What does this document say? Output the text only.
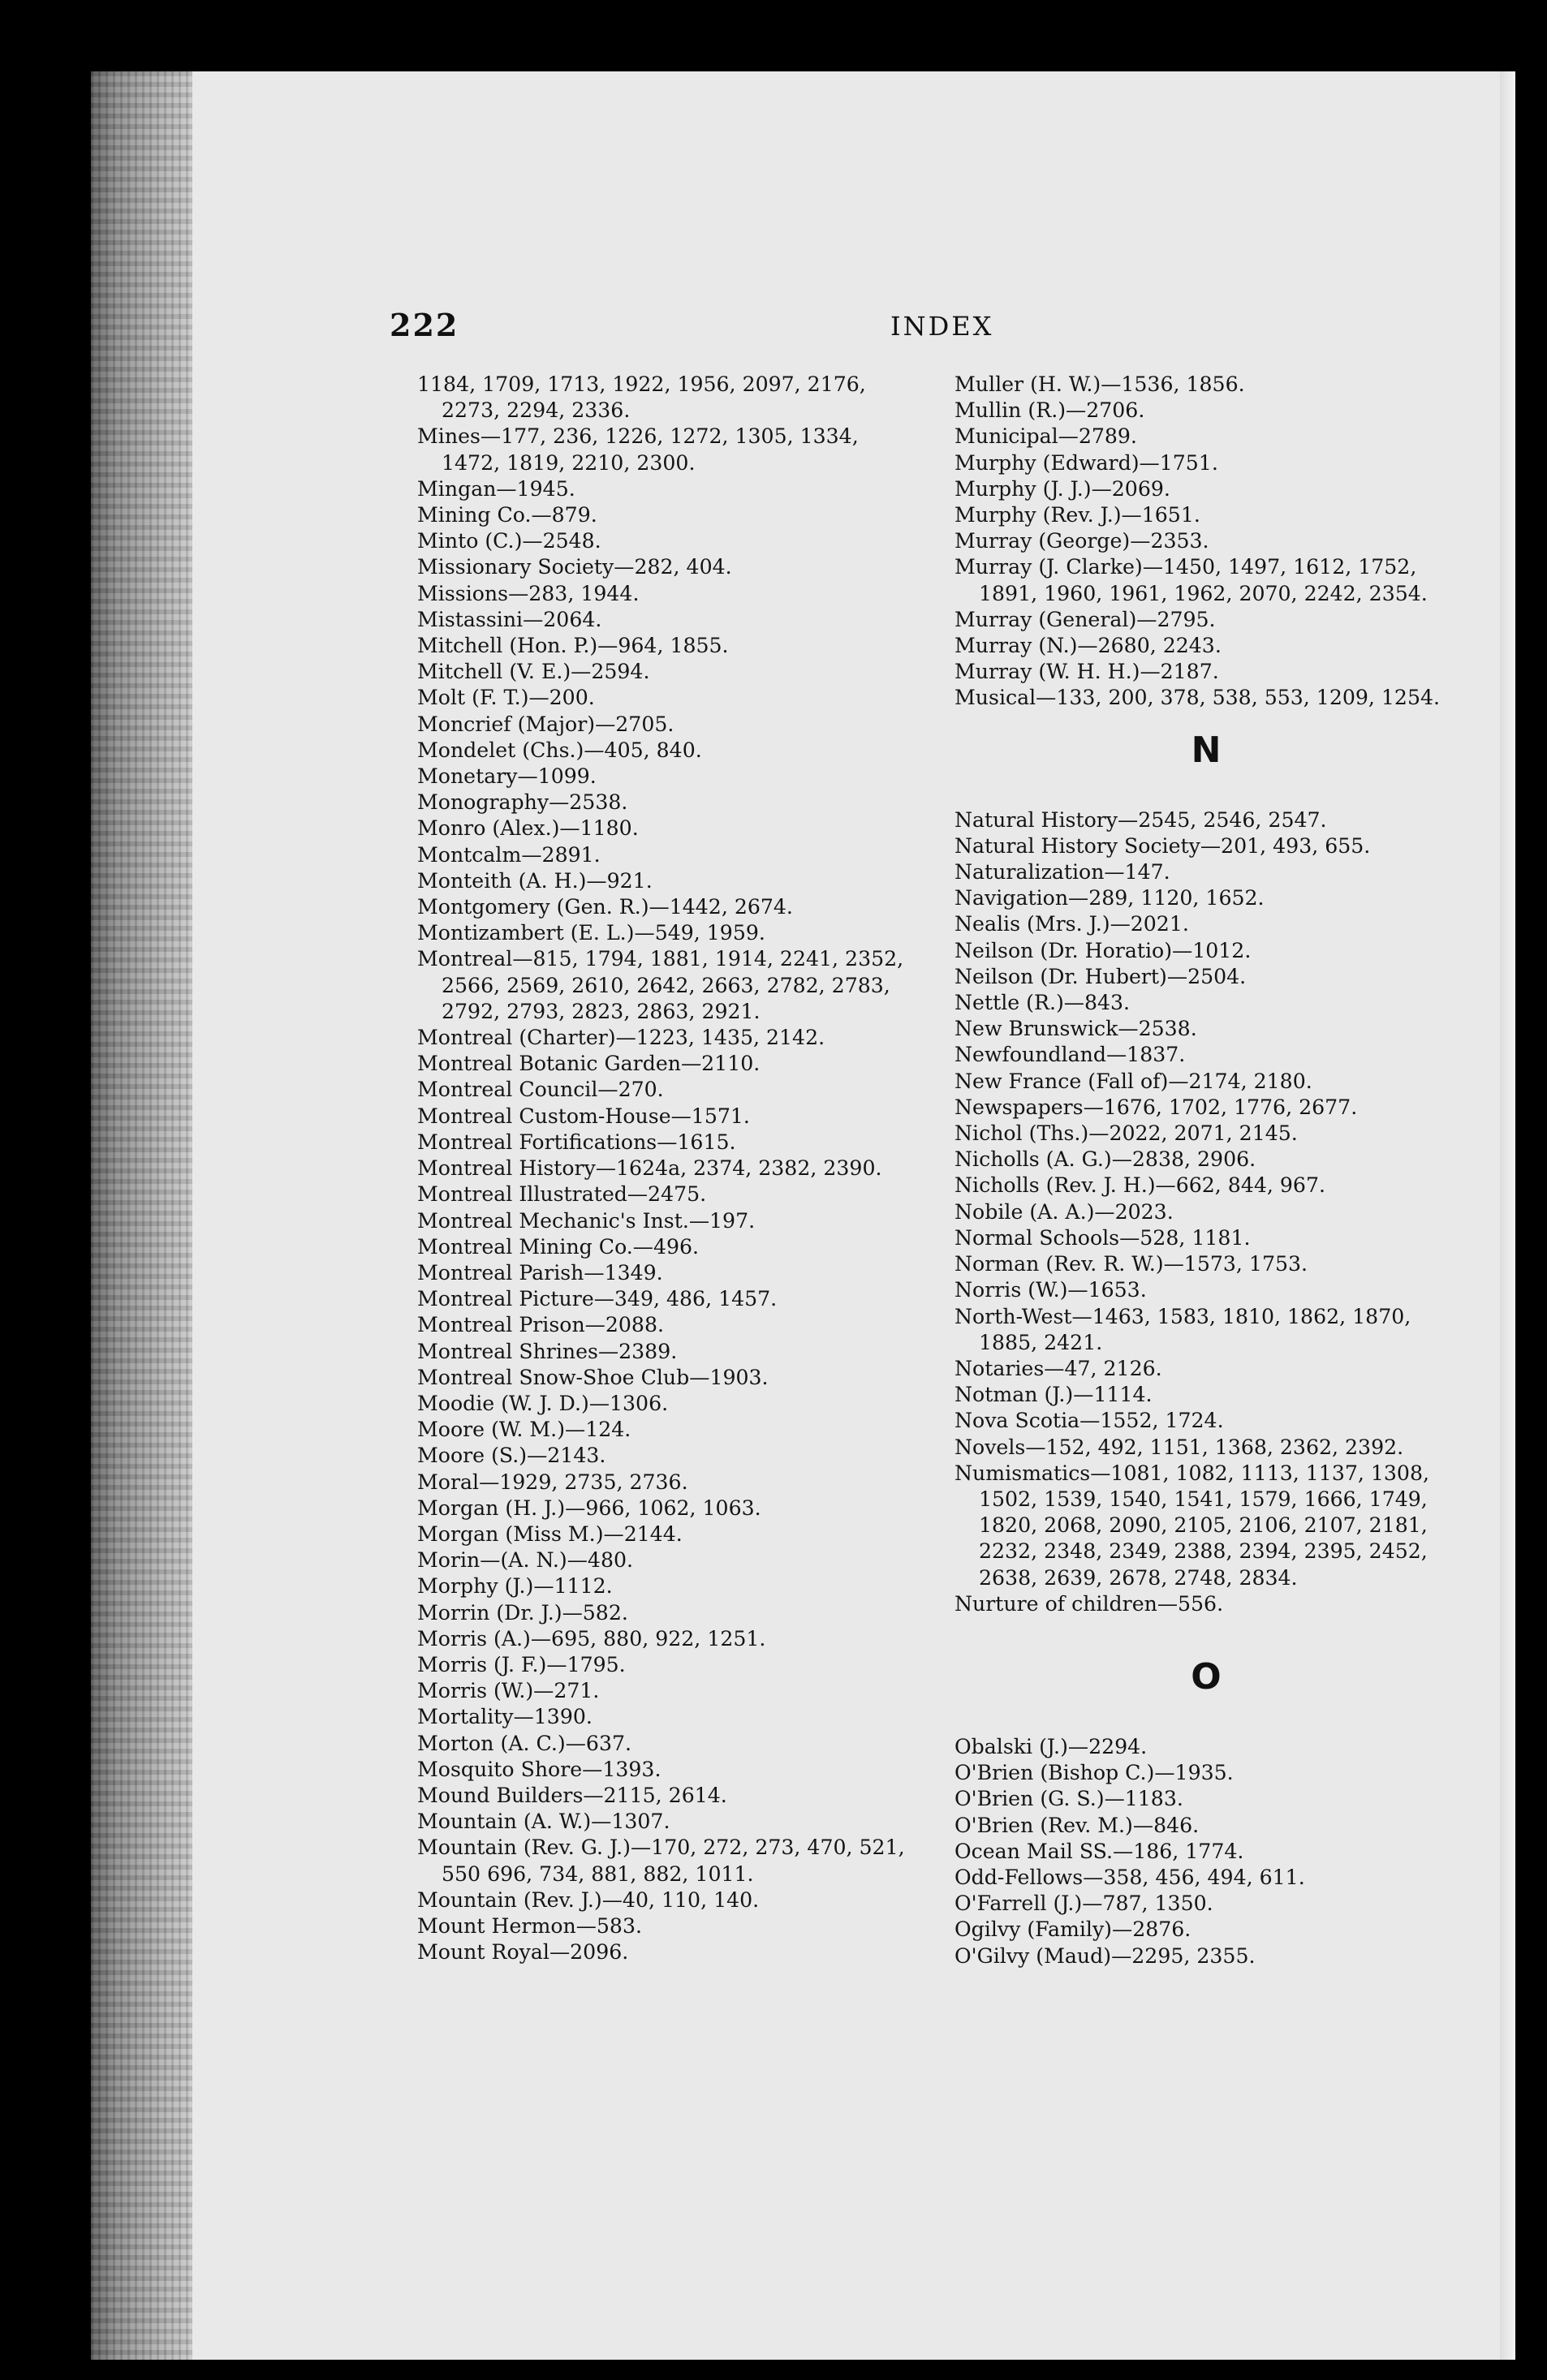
222	INDEX

1184, 1709, 1713, 1922, 1956, 2097, 2176, 2273, 2294, 2336.

Mines—177, 236, 1226, 1272, 1305, 1334, 1472, 1819, 2210, 2300.

Mingan—1945.

Mining Co.—879.

Minto (C.)—2548.

Missionary Society—282, 404.

Missions—283, 1944.

Mistassini—2064.

Mitchell (Hon. P.)—964, 1855.

Mitchell (V. E.)—2594.

Molt (F. T.)—200.

Moncrief (Major)—2705.

Mondelet (Chs.)—405, 840.

Monetary—1099.

Monography—2538.

Monro (Alex.)—1180.

Montcalm—2891.

Monteith (A. H.)—921.

Montgomery (Gen. R.)—1442, 2674.

Montizambert (E. L.)—549, 1959.

Montreal—815, 1794, 1881, 1914, 2241, 2352, 2566, 2569, 2610, 2642, 2663, 2782, 2783, 2792, 2793, 2823, 2863, 2921.

Montreal (Charter)—1223, 1435, 2142.

Montreal Botanic Garden—2110.

Montreal Council—270.

Montreal Custom-House—1571.

Montreal Fortifications—1615.

Montreal History—1624a, 2374, 2382, 2390.

Montreal Illustrated—2475.

Montreal Mechanic's Inst.—197.

Montreal Mining Co.—496.

Montreal Parish—1349.

Montreal Picture—349, 486, 1457.

Montreal Prison—2088.

Montreal Shrines—2389.

Montreal Snow-Shoe Club—1903.

Moodie (W. J. D.)—1306.

Moore (W. M.)—124.

Moore (S.)—2143.

Moral—1929, 2735, 2736.

Morgan (H. J.)—966, 1062, 1063.

Morgan (Miss M.)—2144.

Morin—(A. N.)—480.

Morphy (J.)—1112.

Morrin (Dr. J.)—582.

Morris (A.)—695, 880, 922, 1251.

Morris (J. F.)—1795.

Morris (W.)—271.

Mortality—1390.

Morton (A. C.)—637.

Mosquito Shore—1393.

Mound Builders—2115, 2614.

Mountain (A. W.)—1307.

Mountain (Rev. G. J.)—170, 272, 273, 470, 521, 550 696, 734, 881, 882, 1011.

Mountain (Rev. J.)—40, 110, 140.

Mount Hermon—583.

Mount Royal—2096.

Muller (H. W.)—1536, 1856.

Mullin (R.)—2706.

Municipal—2789.

Murphy (Edward)—1751.

Murphy (J. J.)—2069.

Murphy (Rev. J.)—1651.

Murray (George)—2353.

Murray (J. Clarke)—1450, 1497, 1612, 1752, 1891, 1960, 1961, 1962, 2070, 2242, 2354.

Murray (General)—2795.

Murray (N.)—2680, 2243.

Murray (W. H. H.)—2187.

Musical—133, 200, 378, 538, 553, 1209, 1254.

N

Natural History—2545, 2546, 2547.

Natural History Society—201, 493, 655.

Naturalization—147.

Navigation—289, 1120, 1652.

Nealis (Mrs. J.)—2021.

Neilson (Dr. Horatio)—1012.

Neilson (Dr. Hubert)—2504.

Nettle (R.)—843.

New Brunswick—2538.

Newfoundland—1837.

New France (Fall of)—2174, 2180.

Newspapers—1676, 1702, 1776, 2677.

Nichol (Ths.)—2022, 2071, 2145.

Nicholls (A. G.)—2838, 2906.

Nicholls (Rev. J. H.)—662, 844, 967.

Nobile (A. A.)—2023.

Normal Schools—528, 1181.

Norman (Rev. R. W.)—1573, 1753.

Norris (W.)—1653.

North-West—1463, 1583, 1810, 1862, 1870, 1885, 2421.

Notaries—47, 2126.

Notman (J.)—1114.

Nova Scotia—1552, 1724.

Novels—152, 492, 1151, 1368, 2362, 2392.

Numismatics—1081, 1082, 1113, 1137, 1308, 1502, 1539, 1540, 1541, 1579, 1666, 1749, 1820, 2068, 2090, 2105, 2106, 2107, 2181, 2232, 2348, 2349, 2388, 2394, 2395, 2452, 2638, 2639, 2678, 2748, 2834.

Nurture of children—556.

O

Obalski (J.)—2294.

O'Brien (Bishop C.)—1935.

O'Brien (G. S.)—1183.

O'Brien (Rev. M.)—846.

Ocean Mail SS.—186, 1774.

Odd-Fellows—358, 456, 494, 611.

O'Farrell (J.)—787, 1350.

Ogilvy (Family)—2876.

O'Gilvy (Maud)—2295, 2355.
